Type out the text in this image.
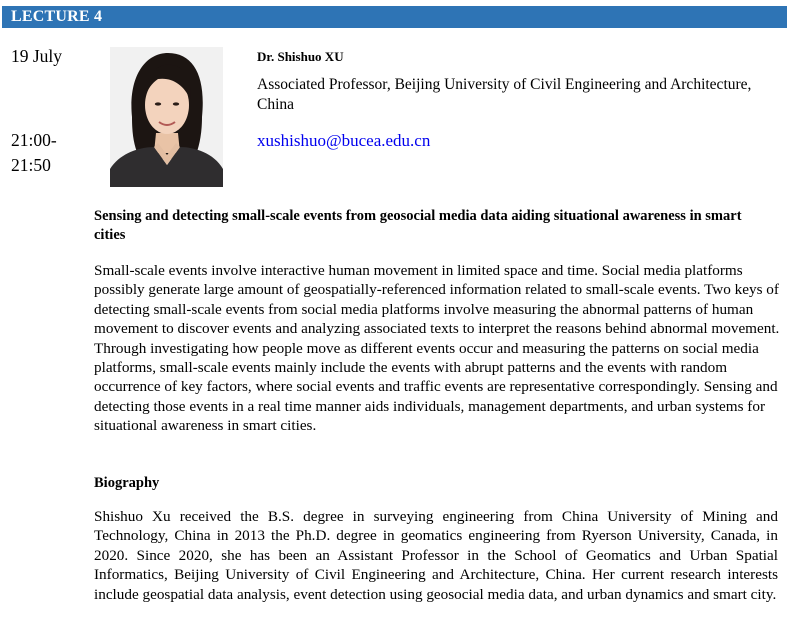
LECTURE 4
19 July
21:00-
21:50
Dr. Shishuo XU
Associated Professor, Beijing University of Civil Engineering and Architecture, China
xushishuo@bucea.edu.cn
Sensing and detecting small-scale events from geosocial media data aiding situational awareness in smart cities
Small-scale events involve interactive human movement in limited space and time. Social media platforms possibly generate large amount of geospatially-referenced information related to small-scale events. Two keys of detecting small-scale events from social media platforms involve measuring the abnormal patterns of human movement to discover events and analyzing associated texts to interpret the reasons behind abnormal movement. Through investigating how people move as different events occur and measuring the patterns on social media platforms, small-scale events mainly include the events with abrupt patterns and the events with random occurrence of key factors, where social events and traffic events are representative correspondingly. Sensing and detecting those events in a real time manner aids individuals, management departments, and urban systems for situational awareness in smart cities.
Biography
Shishuo Xu received the B.S. degree in surveying engineering from China University of Mining and Technology, China in 2013 the Ph.D. degree in geomatics engineering from Ryerson University, Canada, in 2020. Since 2020, she has been an Assistant Professor in the School of Geomatics and Urban Spatial Informatics, Beijing University of Civil Engineering and Architecture, China. Her current research interests include geospatial data analysis, event detection using geosocial media data, and urban dynamics and smart city.
